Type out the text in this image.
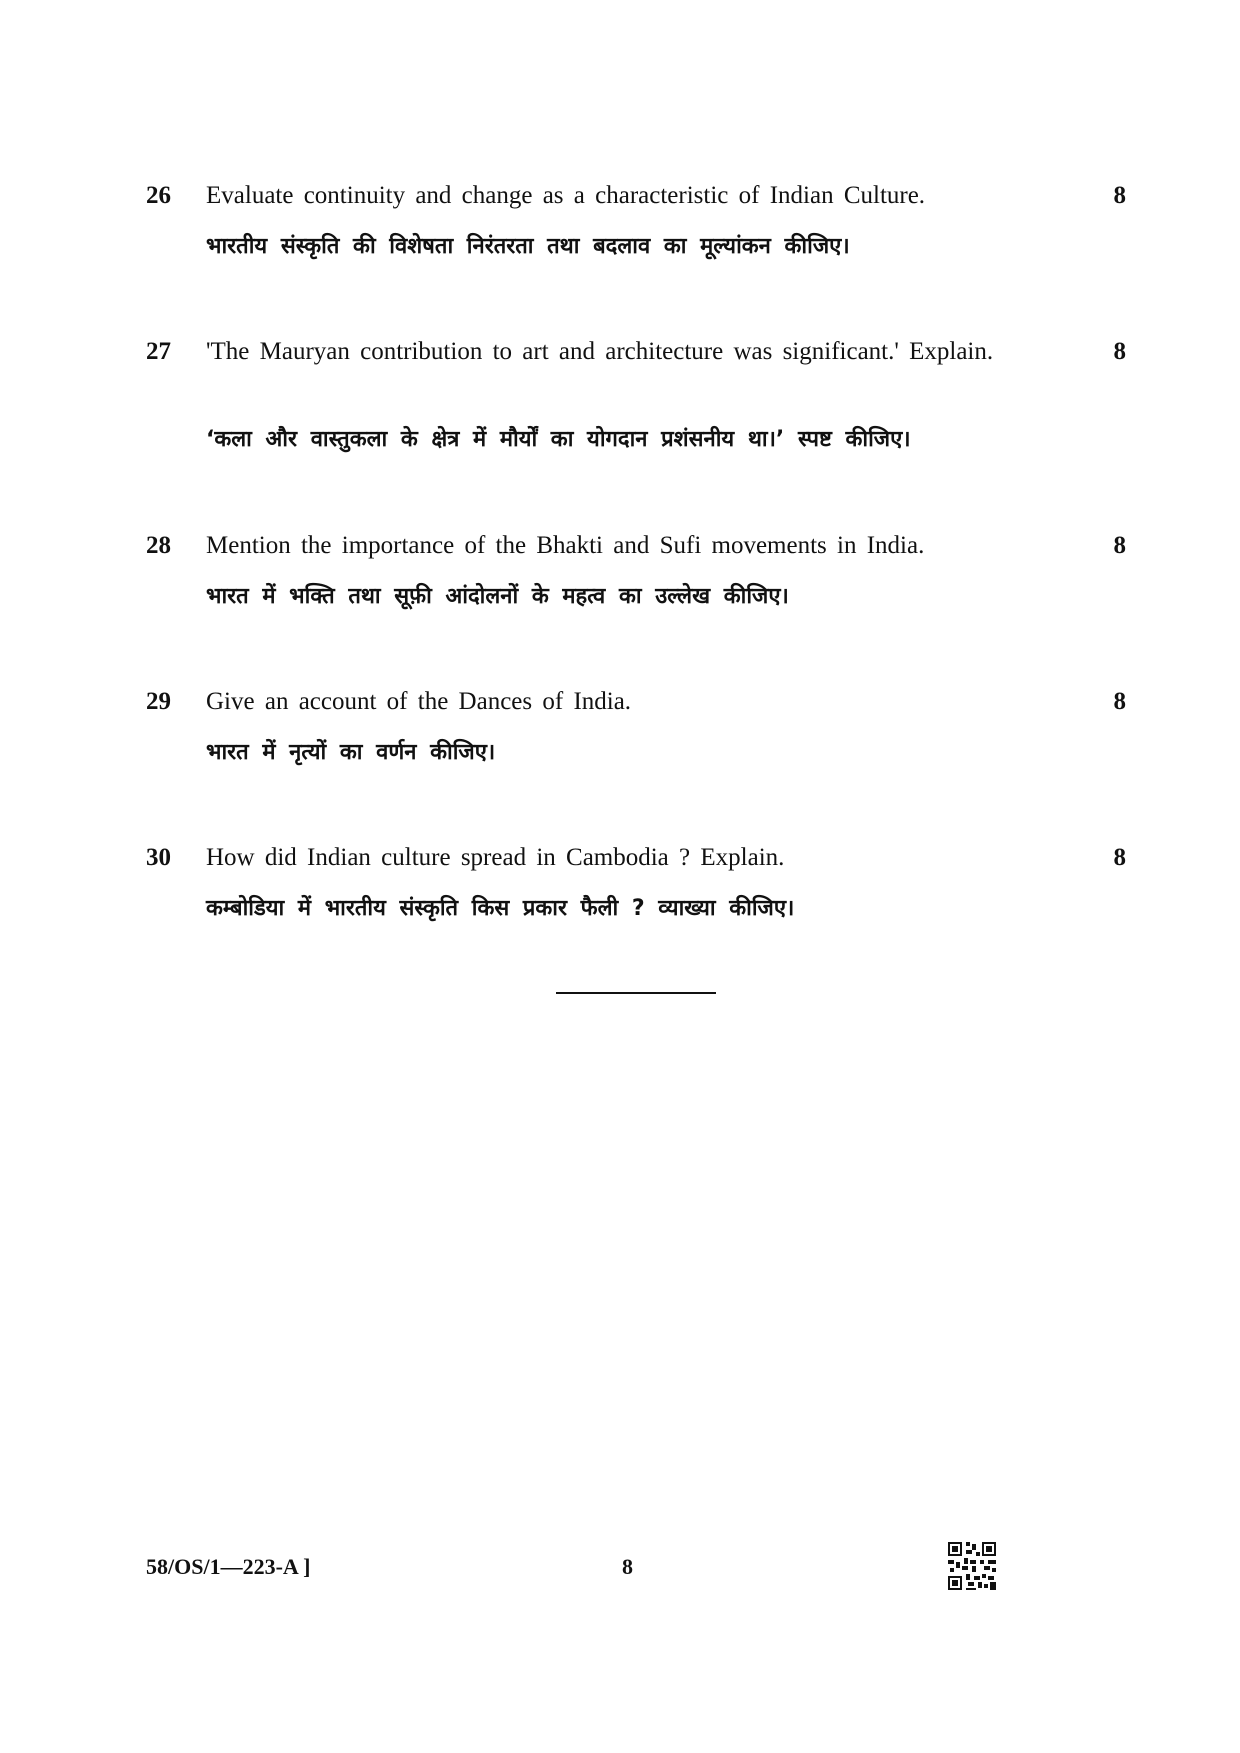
26 Evaluate continuity and change as a characteristic of Indian Culture.
भारतीय संस्कृति की विशेषता निरंतरता तथा बदलाव का मूल्यांकन कीजिए।
8
27 'The Mauryan contribution to art and architecture was significant.' Explain.
‘कला और वास्तुकला के क्षेत्र में मौर्यों का योगदान प्रशंसनीय था।’ स्पष्ट कीजिए।
8
28 Mention the importance of the Bhakti and Sufi movements in India.
भारत में भक्ति तथा सूफ़ी आंदोलनों के महत्व का उल्लेख कीजिए।
8
29 Give an account of the Dances of India.
भारत में नृत्यों का वर्णन कीजिए।
8
30 How did Indian culture spread in Cambodia ? Explain.
कम्बोडिया में भारतीय संस्कृति किस प्रकार फैली ? व्याख्या कीजिए।
8
58/OS/1—223-A ]	8
